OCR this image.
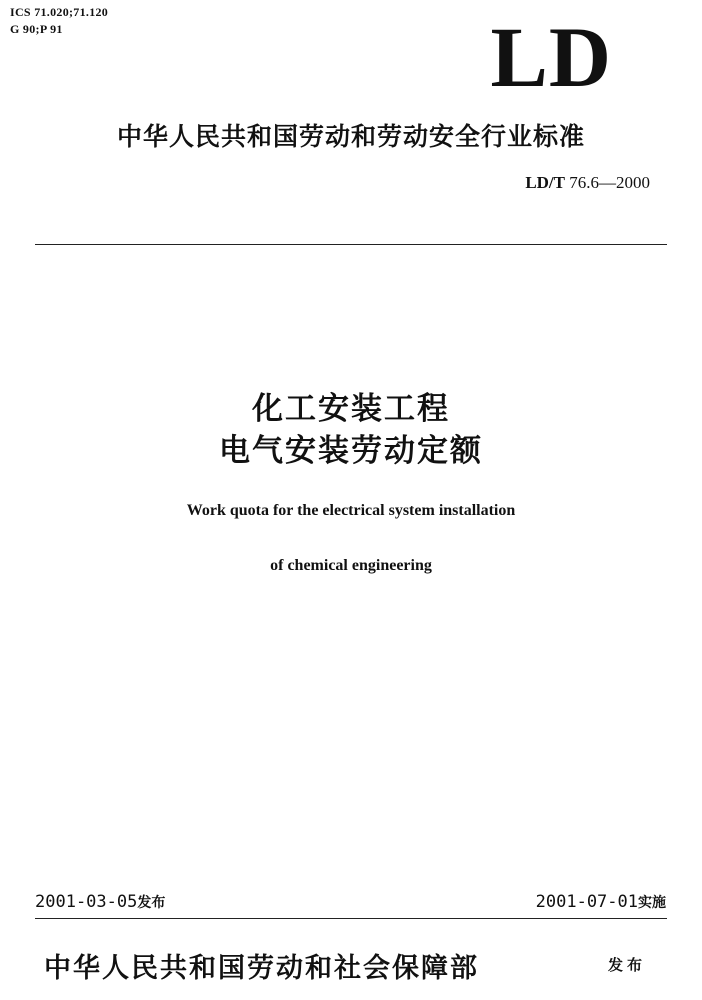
ICS 71.020;71.120
G 90;P 91	LD
中华人民共和国劳动和劳动安全行业标准
LD/T 76.6—2000
化工安装工程
电气安装劳动定额
Work quota for the electrical system installation
of chemical engineering
2001-03-05发布	2001-07-01实施
中华人民共和国劳动和社会保障部	发布
